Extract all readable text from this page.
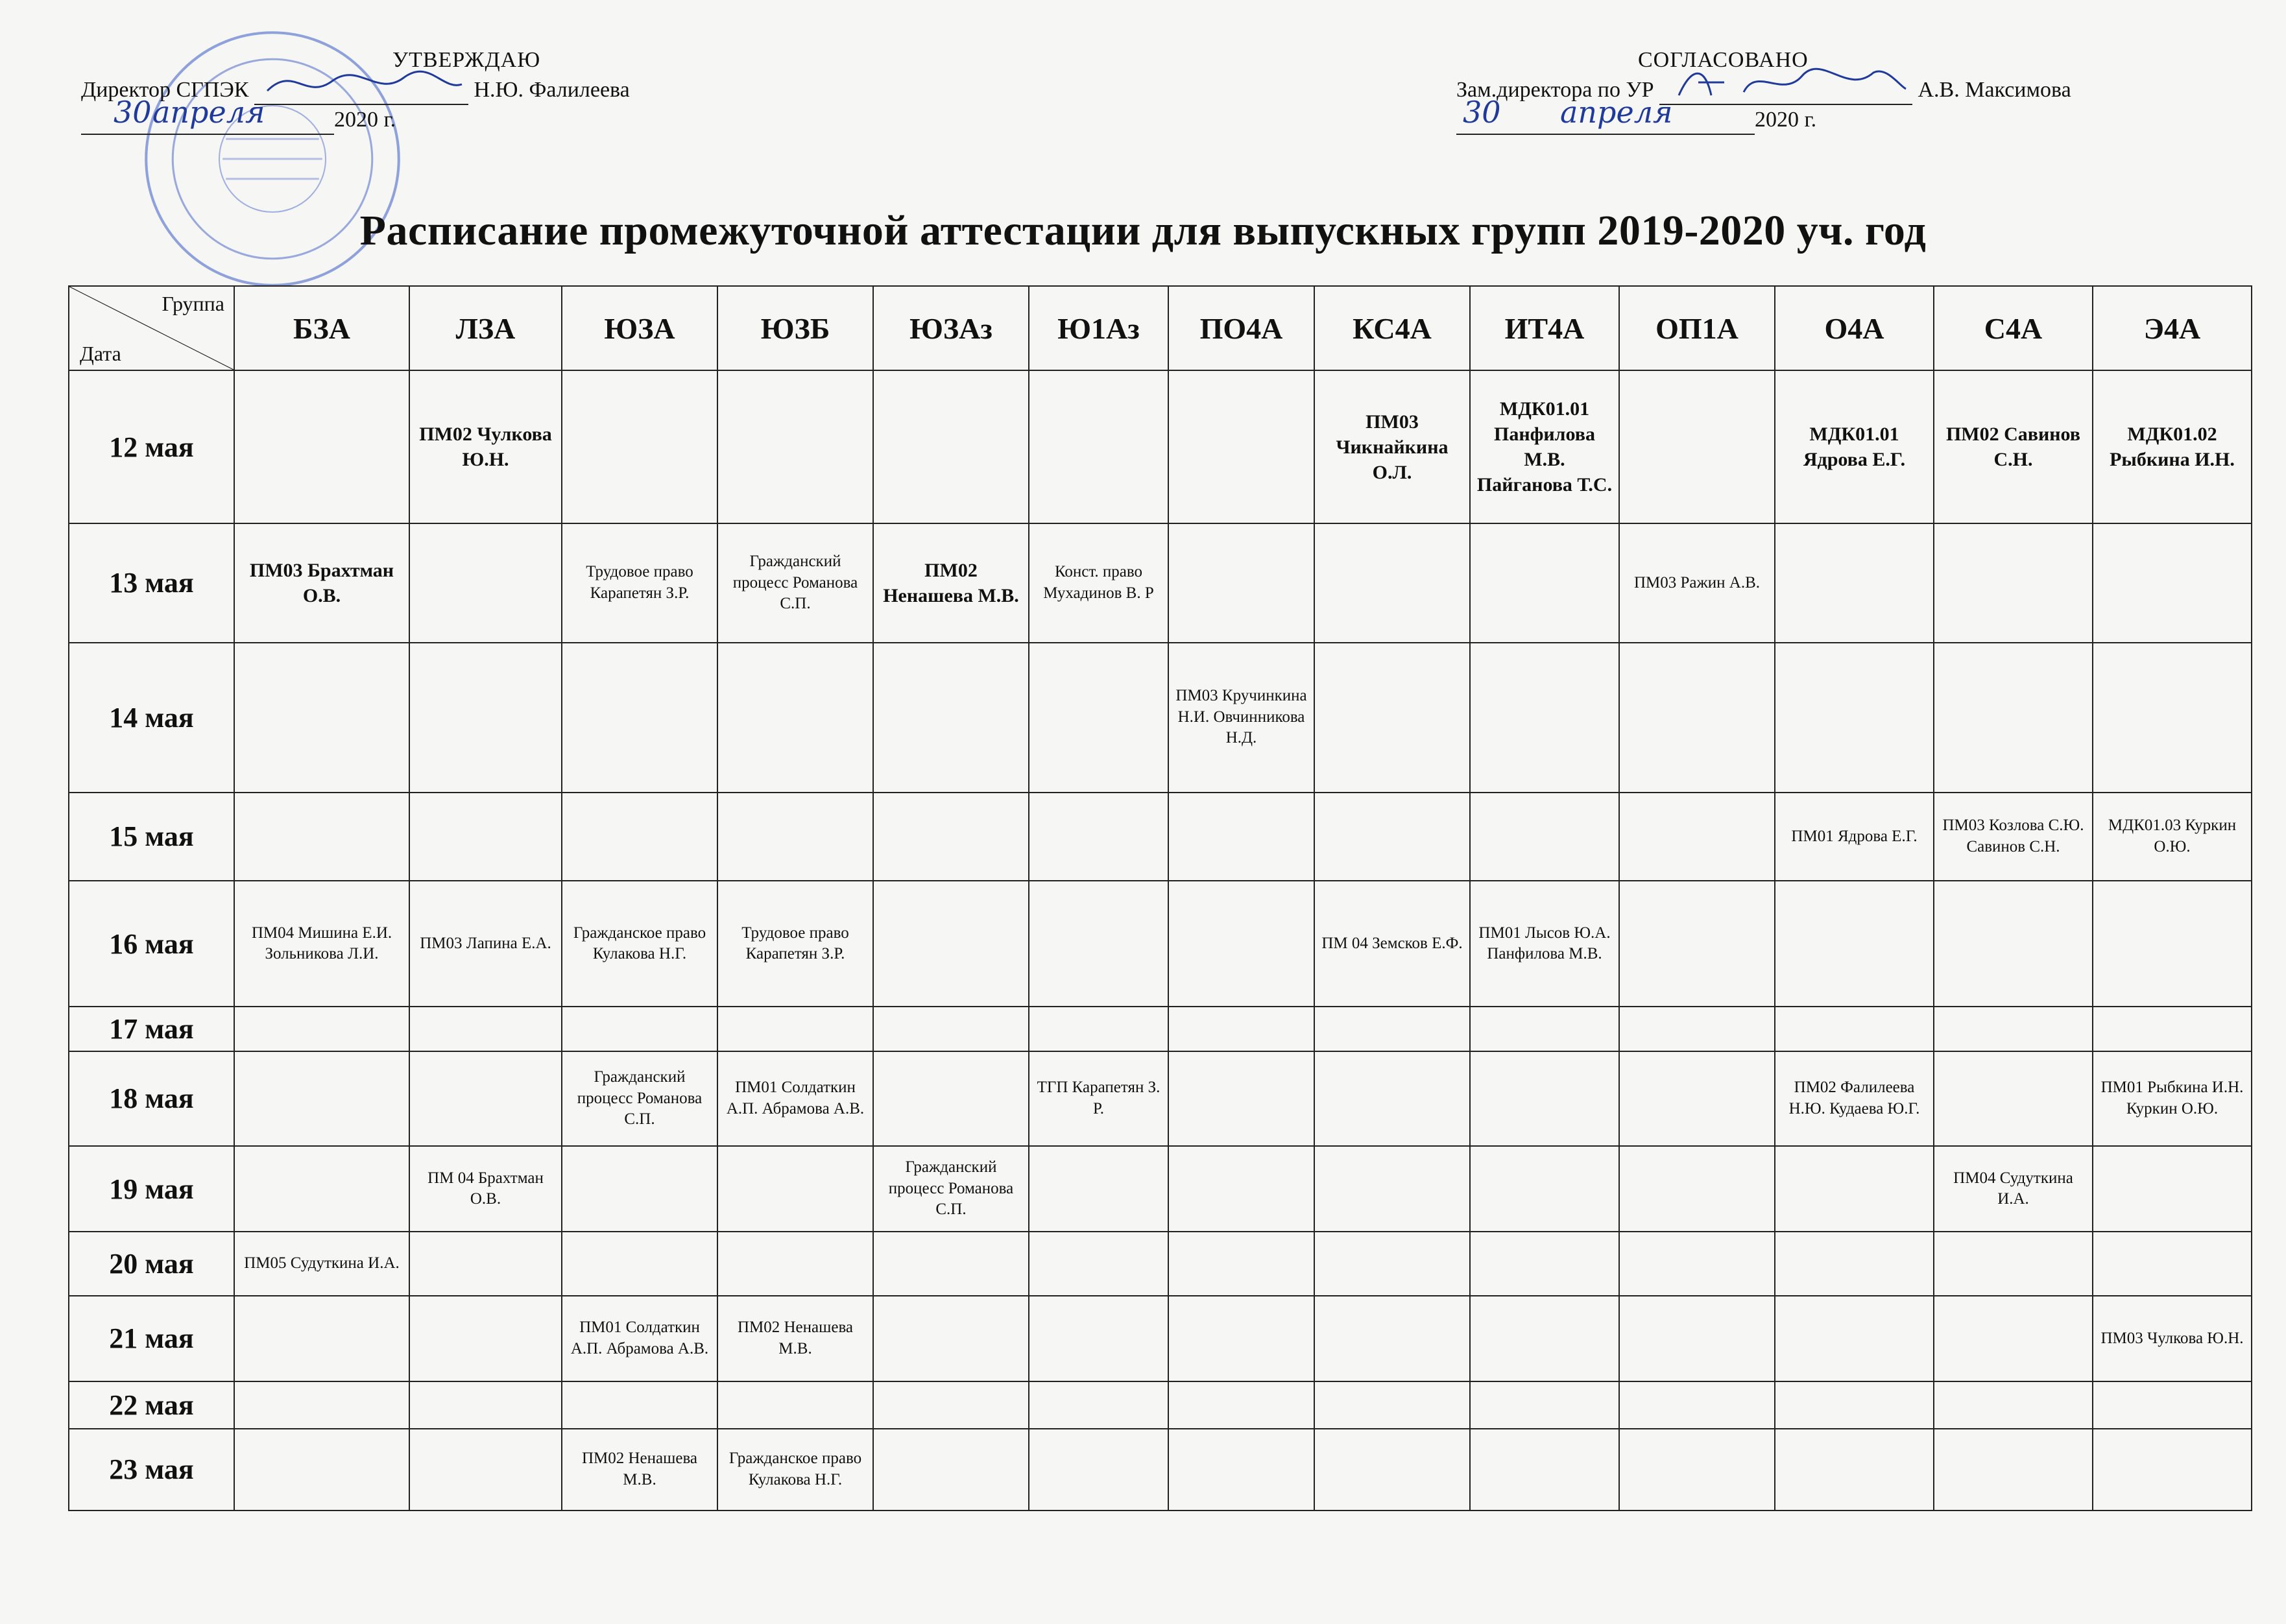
УТВЕРЖДАЮ
Директор СГПЭК	Н.Ю. Фалилеева
30 апреля	2020 г.
СОГЛАСОВАНО
Зам.директора по УР	А.В. Максимова
30 апреля	2020 г.
Расписание промежуточной аттестации для выпускных групп 2019-2020 уч. год
Группа
Дата	БЗА	ЛЗА	ЮЗА	ЮЗБ	ЮЗАз	Ю1Аз	ПО4А	КС4А	ИТ4А	ОП1А	О4А	С4А	Э4А
12 мая		ПМ02 Чулкова Ю.Н.						ПМ03 Чикнайкина О.Л.	МДК01.01 Панфилова М.В. Пайганова Т.С.		МДК01.01 Ядрова Е.Г.	ПМ02 Савинов С.Н.	МДК01.02 Рыбкина И.Н.
13 мая	ПМ03 Брахтман О.В.		Трудовое право Карапетян З.Р.	Гражданский процесс Романова С.П.	ПМ02 Ненашева М.В.	Конст. право Мухадинов В. Р				ПМ03 Ражин А.В.			
14 мая							ПМ03 Кручинкина Н.И. Овчинникова Н.Д.						
15 мая											ПМ01 Ядрова Е.Г.	ПМ03 Козлова С.Ю. Савинов С.Н.	МДК01.03 Куркин О.Ю.
16 мая	ПМ04 Мишина Е.И. Зольникова Л.И.	ПМ03 Лапина Е.А.	Гражданское право Кулакова Н.Г.	Трудовое право Карапетян З.Р.				ПМ 04 Земсков Е.Ф.	ПМ01 Лысов Ю.А. Панфилова М.В.				
17 мая													
18 мая			Гражданский процесс Романова С.П.	ПМ01 Солдаткин А.П. Абрамова А.В.		ТГП Карапетян З. Р.					ПМ02 Фалилеева Н.Ю. Кудаева Ю.Г.		ПМ01 Рыбкина И.Н. Куркин О.Ю.
19 мая		ПМ 04 Брахтман О.В.			Гражданский процесс Романова С.П.							ПМ04 Судуткина И.А.	
20 мая	ПМ05 Судуткина И.А.												
21 мая			ПМ01 Солдаткин А.П. Абрамова А.В.	ПМ02 Ненашева М.В.									ПМ03 Чулкова Ю.Н.
22 мая													
23 мая			ПМ02 Ненашева М.В.	Гражданское право Кулакова Н.Г.									
